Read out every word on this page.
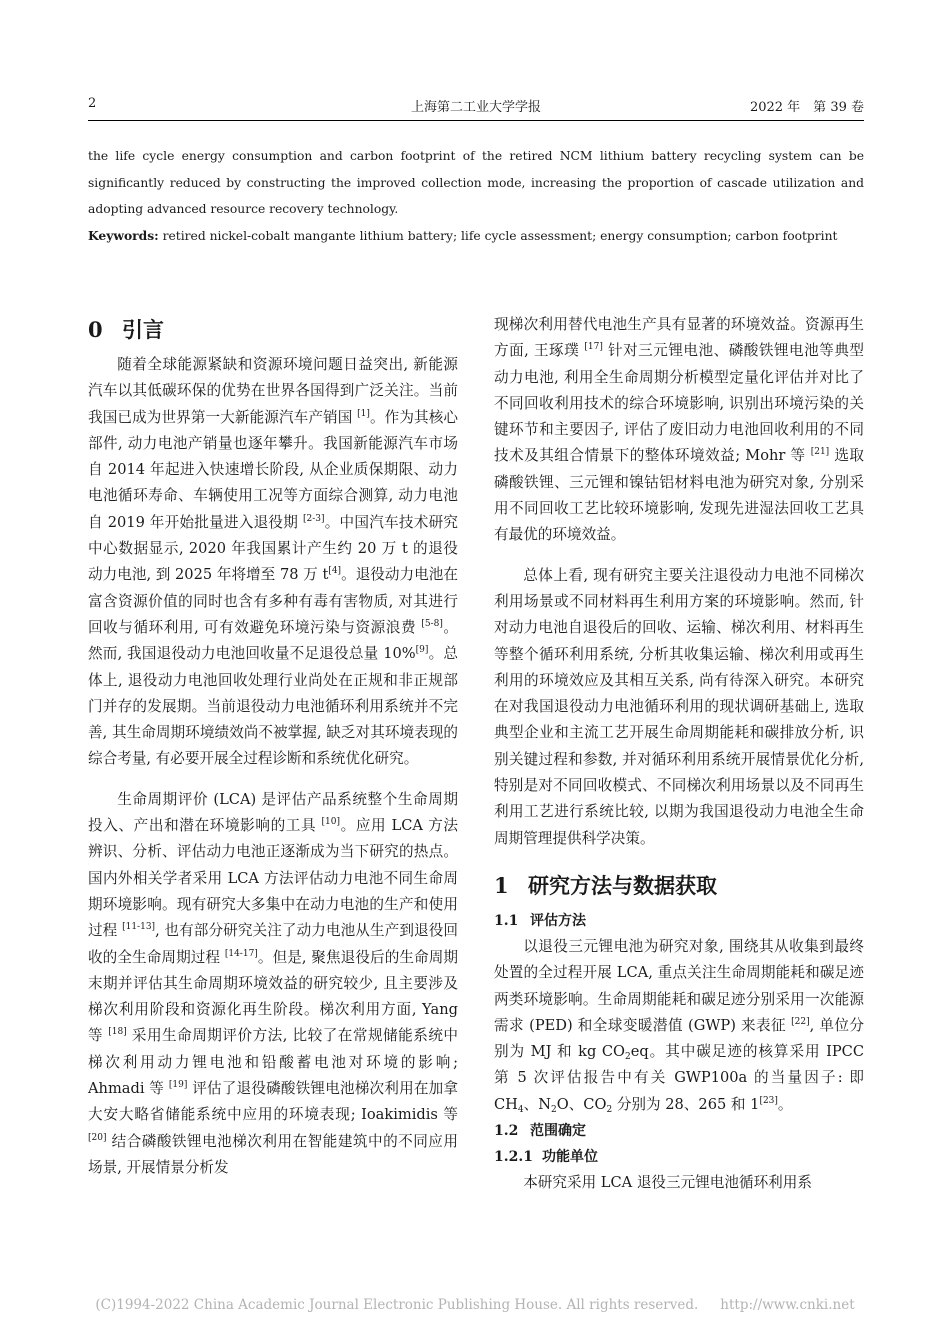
2	上海第二工业大学学报	2022 年　第 39 卷

the life cycle energy consumption and carbon footprint of the retired NCM lithium battery recycling system can be significantly reduced by constructing the improved collection mode, increasing the proportion of cascade utilization and adopting advanced resource recovery technology.

Keywords: retired nickel-cobalt mangante lithium battery; life cycle assessment; energy consumption; carbon footprint

0 引言

随着全球能源紧缺和资源环境问题日益突出, 新能源汽车以其低碳环保的优势在世界各国得到广泛关注。当前我国已成为世界第一大新能源汽车产销国 [1]。作为其核心部件, 动力电池产销量也逐年攀升。我国新能源汽车市场自 2014 年起进入快速增长阶段, 从企业质保期限、动力电池循环寿命、车辆使用工况等方面综合测算, 动力电池自 2019 年开始批量进入退役期 [2-3]。中国汽车技术研究中心数据显示, 2020 年我国累计产生约 20 万 t 的退役动力电池, 到 2025 年将增至 78 万 t[4]。退役动力电池在富含资源价值的同时也含有多种有毒有害物质, 对其进行回收与循环利用, 可有效避免环境污染与资源浪费 [5-8]。然而, 我国退役动力电池回收量不足退役总量 10%[9]。总体上, 退役动力电池回收处理行业尚处在正规和非正规部门并存的发展期。当前退役动力电池循环利用系统并不完善, 其生命周期环境绩效尚不被掌握, 缺乏对其环境表现的综合考量, 有必要开展全过程诊断和系统优化研究。

生命周期评价 (LCA) 是评估产品系统整个生命周期投入、产出和潜在环境影响的工具 [10]。应用 LCA 方法辨识、分析、评估动力电池正逐渐成为当下研究的热点。国内外相关学者采用 LCA 方法评估动力电池不同生命周期环境影响。现有研究大多集中在动力电池的生产和使用过程 [11-13], 也有部分研究关注了动力电池从生产到退役回收的全生命周期过程 [14-17]。但是, 聚焦退役后的生命周期末期并评估其生命周期环境效益的研究较少, 且主要涉及梯次利用阶段和资源化再生阶段。梯次利用方面, Yang 等 [18] 采用生命周期评价方法, 比较了在常规储能系统中梯次利用动力锂电池和铅酸蓄电池对环境的影响; Ahmadi 等 [19] 评估了退役磷酸铁锂电池梯次利用在加拿大安大略省储能系统中应用的环境表现; Ioakimidis 等 [20] 结合磷酸铁锂电池梯次利用在智能建筑中的不同应用场景, 开展情景分析发

现梯次利用替代电池生产具有显著的环境效益。资源再生方面, 王琢璞 [17] 针对三元锂电池、磷酸铁锂电池等典型动力电池, 利用全生命周期分析模型定量化评估并对比了不同回收利用技术的综合环境影响, 识别出环境污染的关键环节和主要因子, 评估了废旧动力电池回收利用的不同技术及其组合情景下的整体环境效益; Mohr 等 [21] 选取磷酸铁锂、三元锂和镍钴铝材料电池为研究对象, 分别采用不同回收工艺比较环境影响, 发现先进湿法回收工艺具有最优的环境效益。

总体上看, 现有研究主要关注退役动力电池不同梯次利用场景或不同材料再生利用方案的环境影响。然而, 针对动力电池自退役后的回收、运输、梯次利用、材料再生等整个循环利用系统, 分析其收集运输、梯次利用或再生利用的环境效应及其相互关系, 尚有待深入研究。本研究在对我国退役动力电池循环利用的现状调研基础上, 选取典型企业和主流工艺开展生命周期能耗和碳排放分析, 识别关键过程和参数, 并对循环利用系统开展情景优化分析, 特别是对不同回收模式、不同梯次利用场景以及不同再生利用工艺进行系统比较, 以期为我国退役动力电池全生命周期管理提供科学决策。

1 研究方法与数据获取
1.1 评估方法

以退役三元锂电池为研究对象, 围绕其从收集到最终处置的全过程开展 LCA, 重点关注生命周期能耗和碳足迹两类环境影响。生命周期能耗和碳足迹分别采用一次能源需求 (PED) 和全球变暖潜值 (GWP) 来表征 [22], 单位分别为 MJ 和 kg $CO_2eq$。其中碳足迹的核算采用 IPCC 第 5 次评估报告中有关 GWP100a 的当量因子: 即 $CH_4$、$N_2O$、$CO_2$ 分别为 28、265 和 1[23]。

1.2 范围确定
1.2.1 功能单位

本研究采用 LCA 退役三元锂电池循环利用系

(C)1994-2022 China Academic Journal Electronic Publishing House. All rights reserved. http://www.cnki.net
